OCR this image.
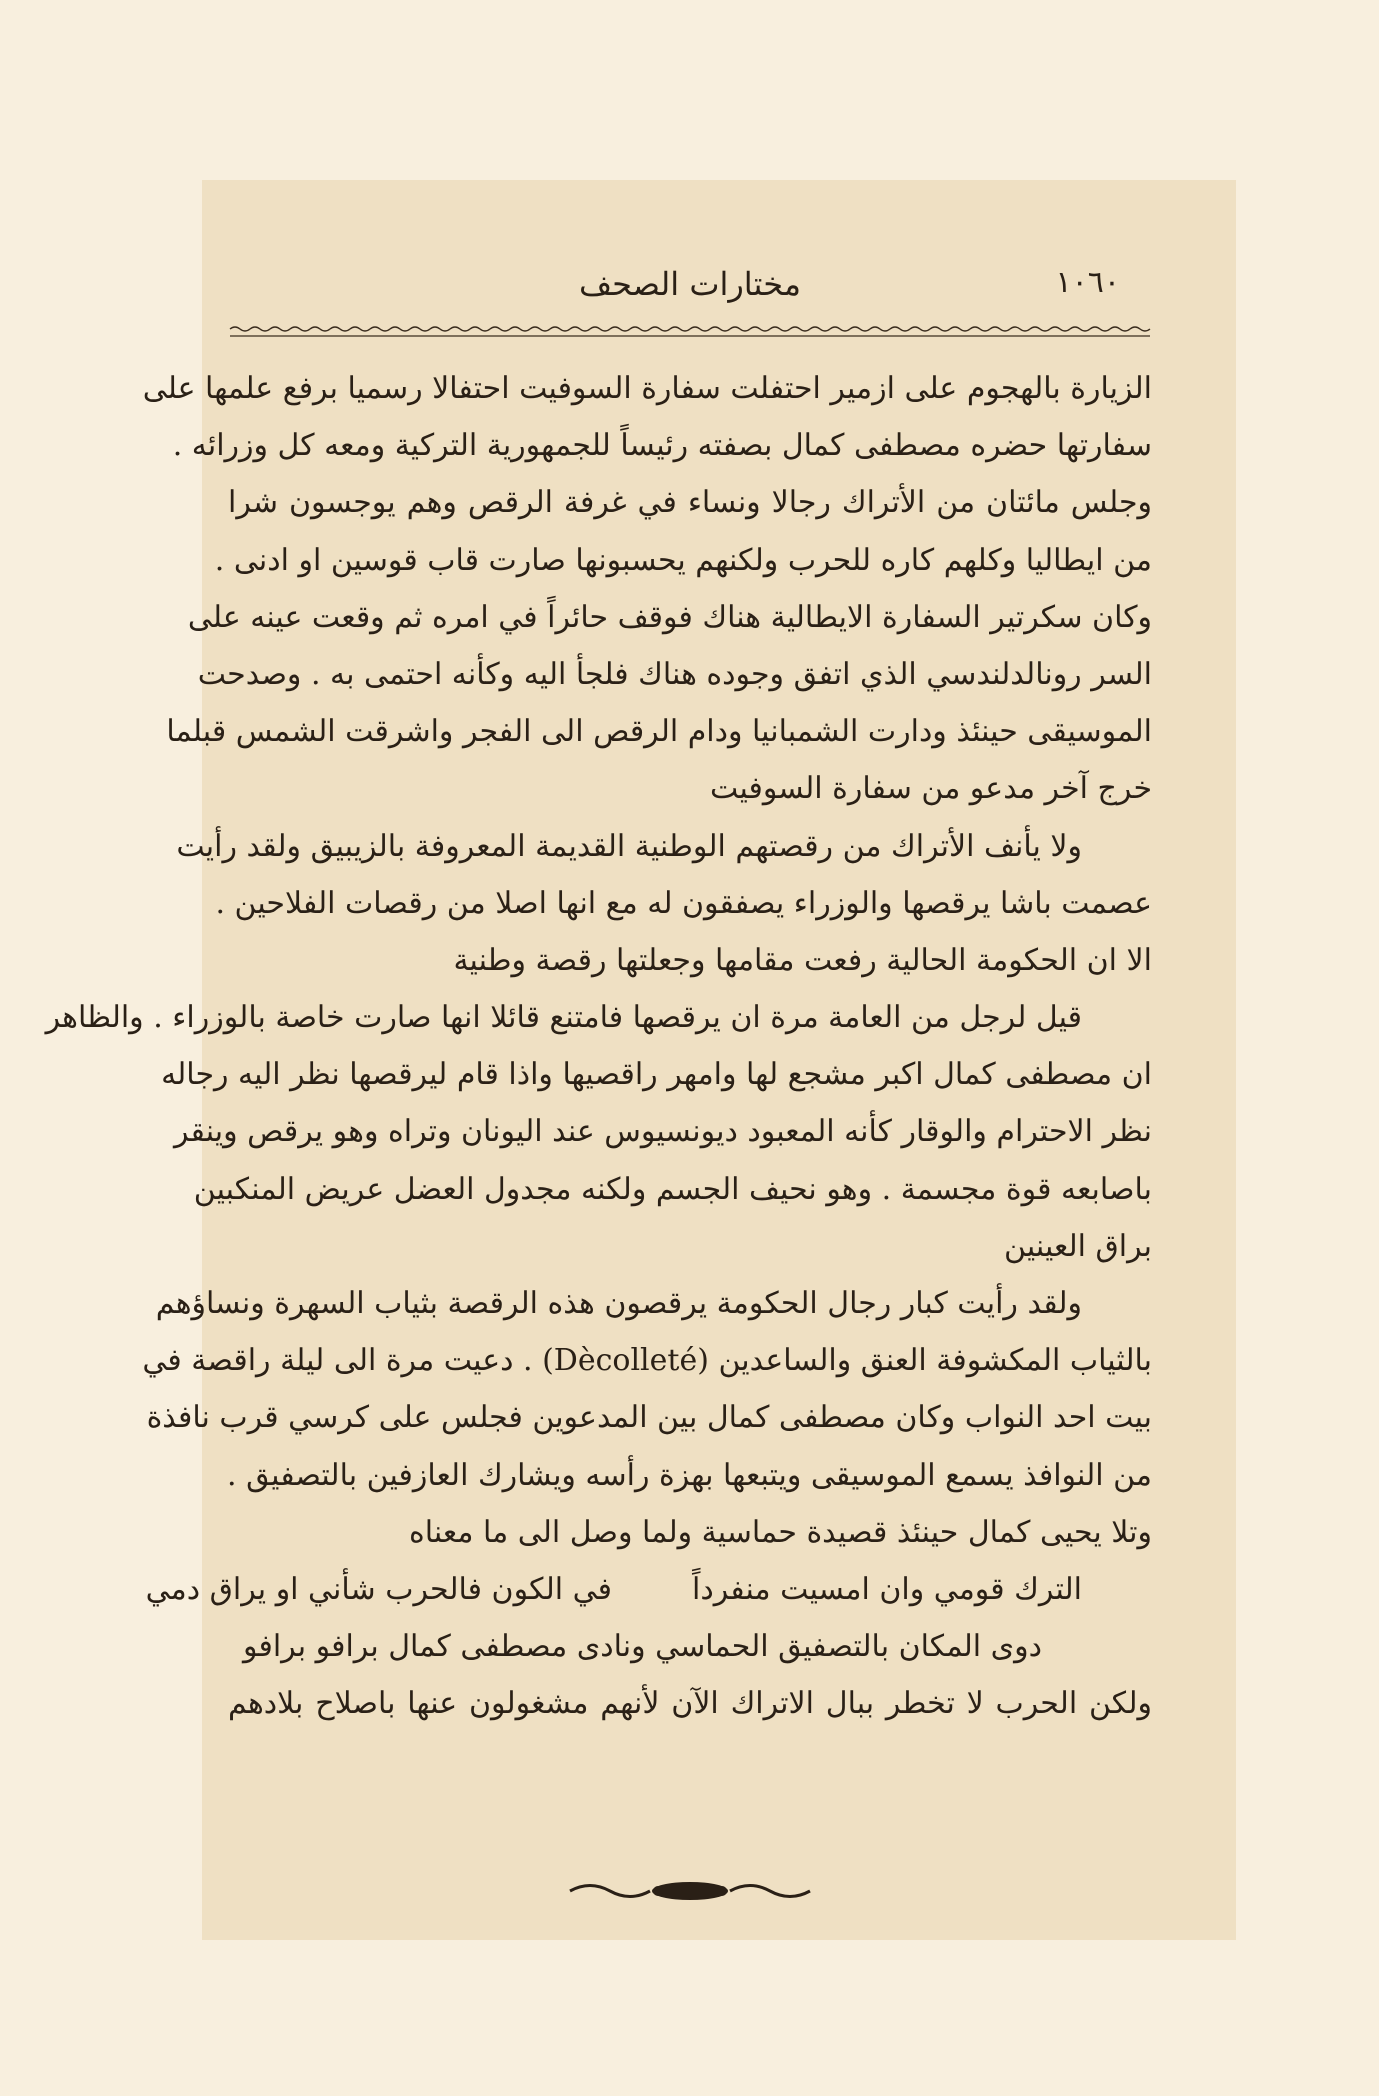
١٠٦٠
مختارات الصحف
الزيارة بالهجوم على ازمير احتفلت سفارة السوفيت احتفالا رسميا برفع علمها على
سفارتها حضره مصطفى كمال بصفته رئيساً للجمهورية التركية ومعه كل وزرائه .
وجلس مائتان من الأتراك رجالا ونساء في غرفة الرقص وهم يوجسون شرا
من ايطاليا وكلهم كاره للحرب ولكنهم يحسبونها صارت قاب قوسين او ادنى .
وكان سكرتير السفارة الايطالية هناك فوقف حائراً في امره ثم وقعت عينه على
السر رونالدلندسي الذي اتفق وجوده هناك فلجأ اليه وكأنه احتمى به . وصدحت
الموسيقى حينئذ ودارت الشمبانيا ودام الرقص الى الفجر واشرقت الشمس قبلما
خرج آخر مدعو من سفارة السوفيت
ولا يأنف الأتراك من رقصتهم الوطنية القديمة المعروفة بالزيبيق ولقد رأيت
عصمت باشا يرقصها والوزراء يصفقون له مع انها اصلا من رقصات الفلاحين .
الا ان الحكومة الحالية رفعت مقامها وجعلتها رقصة وطنية
قيل لرجل من العامة مرة ان يرقصها فامتنع قائلا انها صارت خاصة بالوزراء . والظاهر
ان مصطفى كمال اكبر مشجع لها وامهر راقصيها واذا قام ليرقصها نظر اليه رجاله
نظر الاحترام والوقار كأنه المعبود ديونسيوس عند اليونان وتراه وهو يرقص وينقر
باصابعه قوة مجسمة . وهو نحيف الجسم ولكنه مجدول العضل عريض المنكبين
براق العينين
ولقد رأيت كبار رجال الحكومة يرقصون هذه الرقصة بثياب السهرة ونساؤهم
بالثياب المكشوفة العنق والساعدين (Dècolleté) . دعيت مرة الى ليلة راقصة في
بيت احد النواب وكان مصطفى كمال بين المدعوين فجلس على كرسي قرب نافذة
من النوافذ يسمع الموسيقى ويتبعها بهزة رأسه ويشارك العازفين بالتصفيق .
وتلا يحيى كمال حينئذ قصيدة حماسية ولما وصل الى ما معناه
الترك قومي وان امسيت منفرداًفي الكون فالحرب شأني او يراق دمي
دوى المكان بالتصفيق الحماسي ونادى مصطفى كمال برافو برافو
ولكن الحرب لا تخطر ببال الاتراك الآن لأنهم مشغولون عنها باصلاح بلادهم
